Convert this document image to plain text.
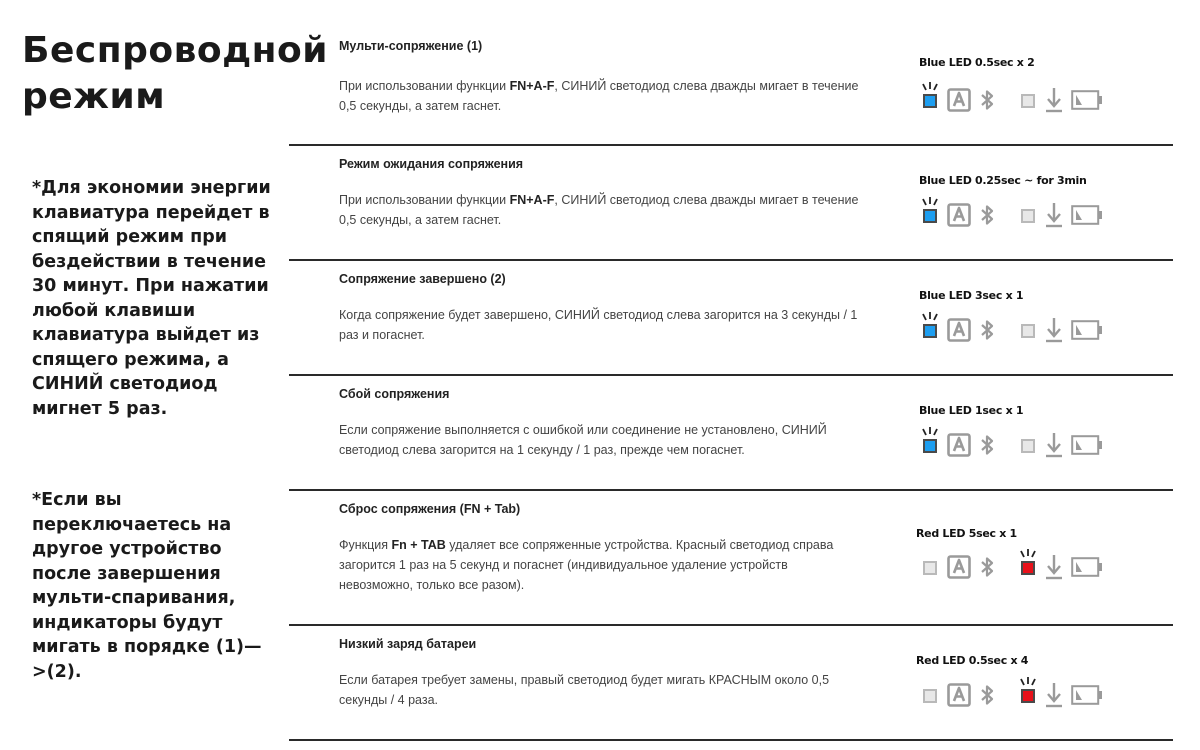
Беспроводной режим
*Для экономии энергии клавиатура перейдет в спящий режим при бездействии в течение 30 минут. При нажатии любой клавиши клавиатура выйдет из спящего режима, а СИНИЙ светодиод мигнет 5 раз.
*Если вы переключаетесь на другое устройство после завершения мульти-спаривания, индикаторы будут мигать в порядке (1)—>(2).
Мульти-сопряжение (1)
При использовании функции FN+A-F, СИНИЙ светодиод слева дважды мигает в течение 0,5 секунды, а затем гаснет.
Blue LED 0.5sec x 2
Режим ожидания сопряжения
При использовании функции FN+A-F, СИНИЙ светодиод слева дважды мигает в течение 0,5 секунды, а затем гаснет.
Blue LED 0.25sec ~ for 3min
Сопряжение завершено (2)
Когда сопряжение будет завершено, СИНИЙ светодиод слева загорится на 3 секунды / 1 раз и погаснет.
Blue LED 3sec x 1
Сбой сопряжения
Если сопряжение выполняется с ошибкой или соединение не установлено, СИНИЙ светодиод слева загорится на 1 секунду / 1 раз, прежде чем погаснет.
Blue LED 1sec x 1
Сброс сопряжения (FN + Tab)
Функция Fn + TAB удаляет все сопряженные устройства. Красный светодиод справа загорится 1 раз на 5 секунд и погаснет (индивидуальное удаление устройств невозможно, только все разом).
Red LED 5sec x 1
Низкий заряд батареи
Если батарея требует замены, правый светодиод будет мигать КРАСНЫМ около 0,5 секунды / 4 раза.
Red LED 0.5sec x 4
